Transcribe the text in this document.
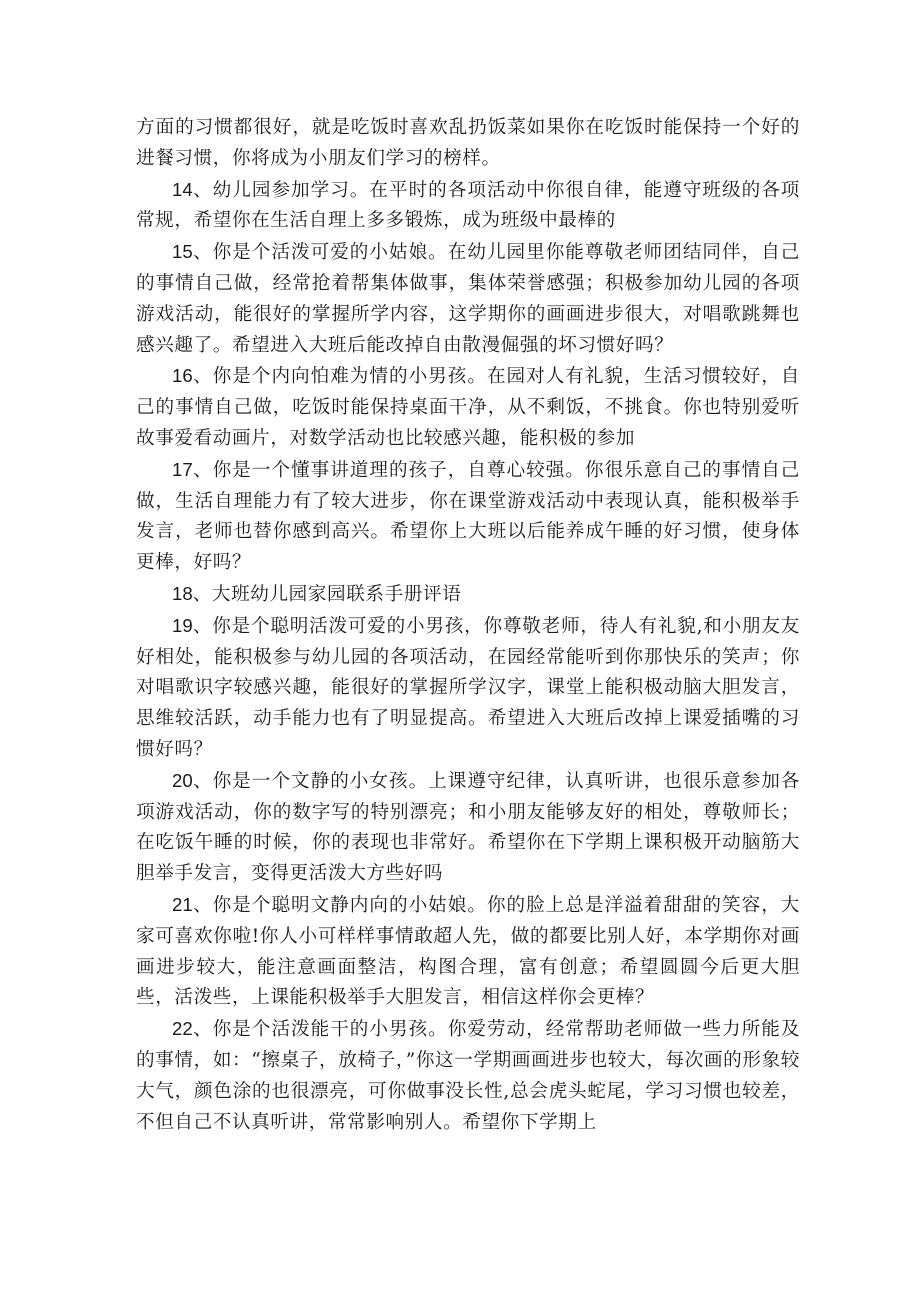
方面的习惯都很好，就是吃饭时喜欢乱扔饭菜如果你在吃饭时能保持一个好的进餐习惯，你将成为小朋友们学习的榜样。

14、幼儿园参加学习。在平时的各项活动中你很自律，能遵守班级的各项常规，希望你在生活自理上多多锻炼，成为班级中最棒的

15、你是个活泼可爱的小姑娘。在幼儿园里你能尊敬老师团结同伴，自己的事情自己做，经常抢着帮集体做事，集体荣誉感强；积极参加幼儿园的各项游戏活动，能很好的掌握所学内容，这学期你的画画进步很大，对唱歌跳舞也感兴趣了。希望进入大班后能改掉自由散漫倔强的坏习惯好吗？

16、你是个内向怕难为情的小男孩。在园对人有礼貌，生活习惯较好，自己的事情自己做，吃饭时能保持桌面干净，从不剩饭，不挑食。你也特别爱听故事爱看动画片，对数学活动也比较感兴趣，能积极的参加

17、你是一个懂事讲道理的孩子，自尊心较强。你很乐意自己的事情自己做，生活自理能力有了较大进步，你在课堂游戏活动中表现认真，能积极举手发言，老师也替你感到高兴。希望你上大班以后能养成午睡的好习惯，使身体更棒，好吗？

18、大班幼儿园家园联系手册评语

19、你是个聪明活泼可爱的小男孩，你尊敬老师，待人有礼貌,和小朋友友好相处，能积极参与幼儿园的各项活动，在园经常能听到你那快乐的笑声；你对唱歌识字较感兴趣，能很好的掌握所学汉字，课堂上能积极动脑大胆发言，思维较活跃，动手能力也有了明显提高。希望进入大班后改掉上课爱插嘴的习惯好吗？

20、你是一个文静的小女孩。上课遵守纪律，认真听讲，也很乐意参加各项游戏活动，你的数字写的特别漂亮；和小朋友能够友好的相处，尊敬师长；在吃饭午睡的时候，你的表现也非常好。希望你在下学期上课积极开动脑筋大胆举手发言，变得更活泼大方些好吗

21、你是个聪明文静内向的小姑娘。你的脸上总是洋溢着甜甜的笑容，大家可喜欢你啦!你人小可样样事情敢超人先，做的都要比别人好，本学期你对画画进步较大，能注意画面整洁，构图合理，富有创意；希望圆圆今后更大胆些，活泼些，上课能积极举手大胆发言，相信这样你会更棒？

22、你是个活泼能干的小男孩。你爱劳动，经常帮助老师做一些力所能及的事情，如：“擦桌子，放椅子，”你这一学期画画进步也较大，每次画的形象较大气，颜色涂的也很漂亮，可你做事没长性,总会虎头蛇尾，学习习惯也较差，不但自己不认真听讲，常常影响别人。希望你下学期上
